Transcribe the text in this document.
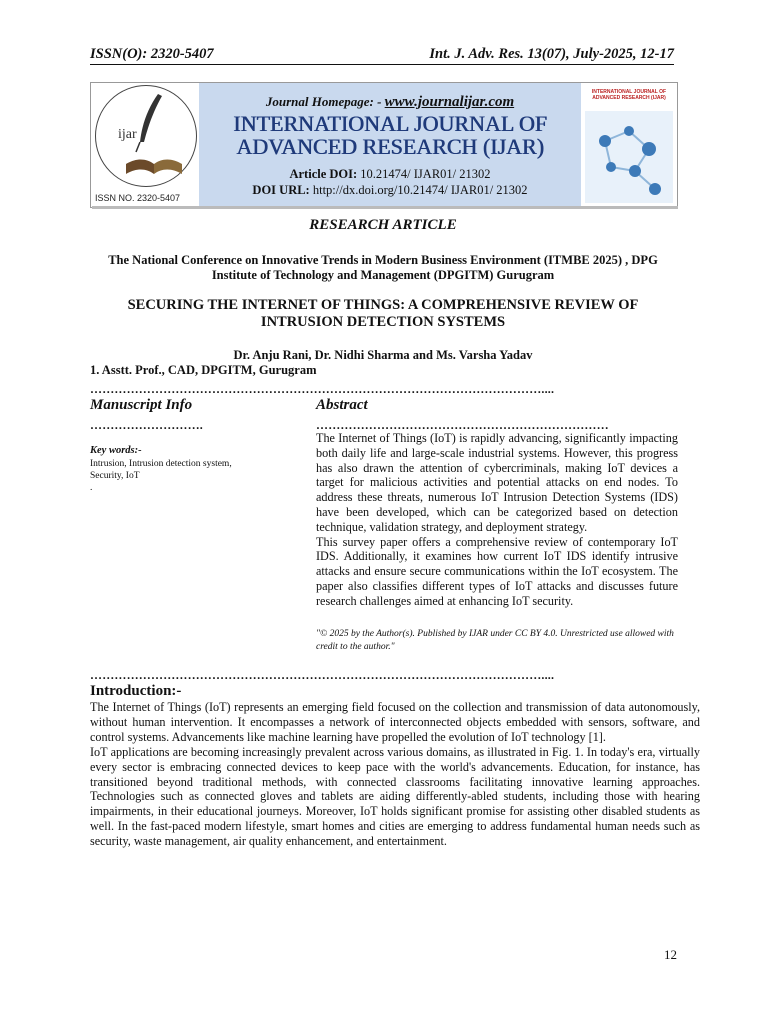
ISSN(O): 2320-5407	Int. J. Adv. Res. 13(07), July-2025, 12-17
ijar
ISSN NO. 2320-5407
Journal Homepage: - www.journalijar.com
INTERNATIONAL JOURNAL OF
ADVANCED RESEARCH (IJAR)
Article DOI: 10.21474/ IJAR01/ 21302
DOI URL: http://dx.doi.org/10.21474/ IJAR01/ 21302
INTERNATIONAL JOURNAL OF ADVANCED RESEARCH (IJAR)
RESEARCH ARTICLE
The National Conference on Innovative Trends in Modern Business Environment (ITMBE 2025) , DPG
Institute of Technology and Management (DPGITM) Gurugram
SECURING THE INTERNET OF THINGS: A COMPREHENSIVE REVIEW OF
INTRUSION DETECTION SYSTEMS
Dr. Anju Rani, Dr. Nidhi Sharma and Ms. Varsha Yadav
1. Asstt. Prof., CAD, DPGITM, Gurugram
…………………………………………………………………………………………………....
Manuscript Info	Abstract
……………………….	………………………………………………………………
Key words:-
Intrusion, Intrusion detection system,
Security, IoT
.

The Internet of Things (IoT) is rapidly advancing, significantly impacting both daily life and large-scale industrial systems. However, this progress has also drawn the attention of cybercriminals, making IoT devices a target for malicious activities and potential attacks on end nodes. To address these threats, numerous IoT Intrusion Detection Systems (IDS) have been developed, which can be categorized based on detection technique, validation strategy, and deployment strategy.

This survey paper offers a comprehensive review of contemporary IoT IDS. Additionally, it examines how current IoT IDS identify intrusive attacks and ensure secure communications within the IoT ecosystem. The paper also classifies different types of IoT attacks and discusses future research challenges aimed at enhancing IoT security.

"© 2025 by the Author(s). Published by IJAR under CC BY 4.0. Unrestricted use allowed with credit to the author."
…………………………………………………………………………………………………....
Introduction:-

The Internet of Things (IoT) represents an emerging field focused on the collection and transmission of data autonomously, without human intervention. It encompasses a network of interconnected objects embedded with sensors, software, and control systems. Advancements like machine learning have propelled the evolution of IoT technology [1].

IoT applications are becoming increasingly prevalent across various domains, as illustrated in Fig. 1. In today's era, virtually every sector is embracing connected devices to keep pace with the world's advancements. Education, for instance, has transitioned beyond traditional methods, with connected classrooms facilitating innovative learning approaches. Technologies such as connected gloves and tablets are aiding differently-abled students, including those with hearing impairments, in their educational journeys. Moreover, IoT holds significant promise for assisting other disabled students as well. In the fast-paced modern lifestyle, smart homes and cities are emerging to address fundamental human needs such as security, waste management, air quality enhancement, and entertainment.

12
